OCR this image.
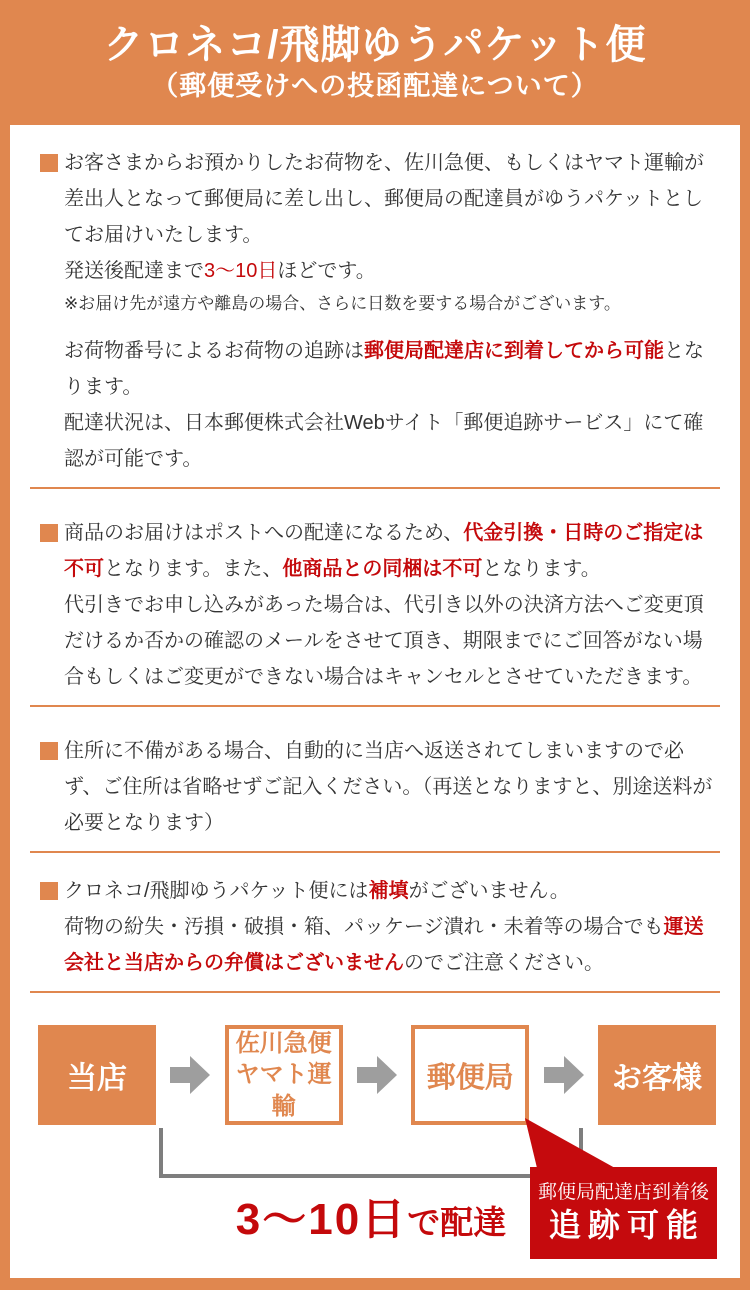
クロネコ/飛脚ゆうパケット便
（郵便受けへの投函配達について）

お客さまからお預かりしたお荷物を、佐川急便、もしくはヤマト運輸が差出人となって郵便局に差し出し、郵便局の配達員がゆうパケットとしてお届けいたします。

発送後配達まで3〜10日ほどです。

※お届け先が遠方や離島の場合、さらに日数を要する場合がございます。

お荷物番号によるお荷物の追跡は郵便局配達店に到着してから可能となります。

配達状況は、日本郵便株式会社Webサイト「郵便追跡サービス」にて確認が可能です。

商品のお届けはポストへの配達になるため、代金引換・日時のご指定は不可となります。また、他商品との同梱は不可となります。

代引きでお申し込みがあった場合は、代引き以外の決済方法へご変更頂だけるか否かの確認のメールをさせて頂き、期限までにご回答がない場合もしくはご変更ができない場合はキャンセルとさせていただきます。

住所に不備がある場合、自動的に当店へ返送されてしまいますので必ず、ご住所は省略せずご記入ください。（再送となりますと、別途送料が必要となります）

クロネコ/飛脚ゆうパケット便には補填がございません。

荷物の紛失・汚損・破損・箱、パッケージ潰れ・未着等の場合でも運送会社と当店からの弁償はございませんのでご注意ください。

当店
佐川急便
ヤマト運輸
郵便局	お客様
3〜10日で配達
郵便局配達店到着後
追跡可能
